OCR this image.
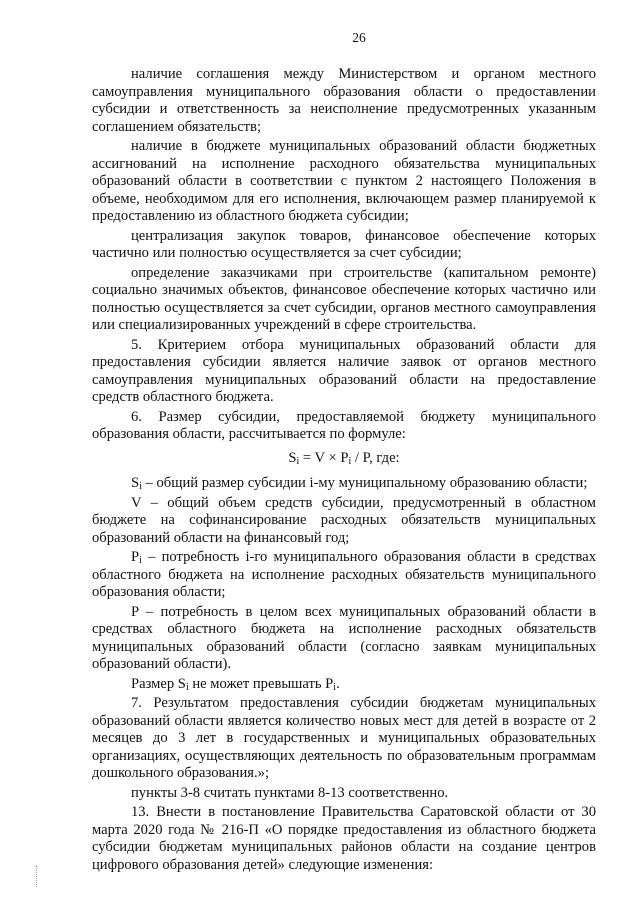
26

наличие соглашения между Министерством и органом местного самоуправления муниципального образования области о предоставлении субсидии и ответственность за неисполнение предусмотренных указанным соглашением обязательств;

наличие в бюджете муниципальных образований области бюджетных ассигнований на исполнение расходного обязательства муниципальных образований области в соответствии с пунктом 2 настоящего Положения в объеме, необходимом для его исполнения, включающем размер планируемой к предоставлению из областного бюджета субсидии;

централизация закупок товаров, финансовое обеспечение которых частично или полностью осуществляется за счет субсидии;

определение заказчиками при строительстве (капитальном ремонте) социально значимых объектов, финансовое обеспечение которых частично или полностью осуществляется за счет субсидии, органов местного самоуправления или специализированных учреждений в сфере строительства.

5. Критерием отбора муниципальных образований области для предоставления субсидии является наличие заявок от органов местного самоуправления муниципальных образований области на предоставление средств областного бюджета.

6. Размер субсидии, предоставляемой бюджету муниципального образования области, рассчитывается по формуле:

$S_i = V \times P_i / P$, где:

$S_i$ – общий размер субсидии i-му муниципальному образованию области;

V – общий объем средств субсидии, предусмотренный в областном бюджете на софинансирование расходных обязательств муниципальных образований области на финансовый год;

$P_i$ – потребность i-го муниципального образования области в средствах областного бюджета на исполнение расходных обязательств муниципального образования области;

P – потребность в целом всех муниципальных образований области в средствах областного бюджета на исполнение расходных обязательств муниципальных образований области (согласно заявкам муниципальных образований области).

Размер $S_i$ не может превышать $P_i$.

7. Результатом предоставления субсидии бюджетам муниципальных образований области является количество новых мест для детей в возрасте от 2 месяцев до 3 лет в государственных и муниципальных образовательных организациях, осуществляющих деятельность по образовательным программам дошкольного образования.»;

пункты 3-8 считать пунктами 8-13 соответственно.

13. Внести в постановление Правительства Саратовской области от 30 марта 2020 года № 216-П «О порядке предоставления из областного бюджета субсидии бюджетам муниципальных районов области на создание центров цифрового образования детей» следующие изменения:
